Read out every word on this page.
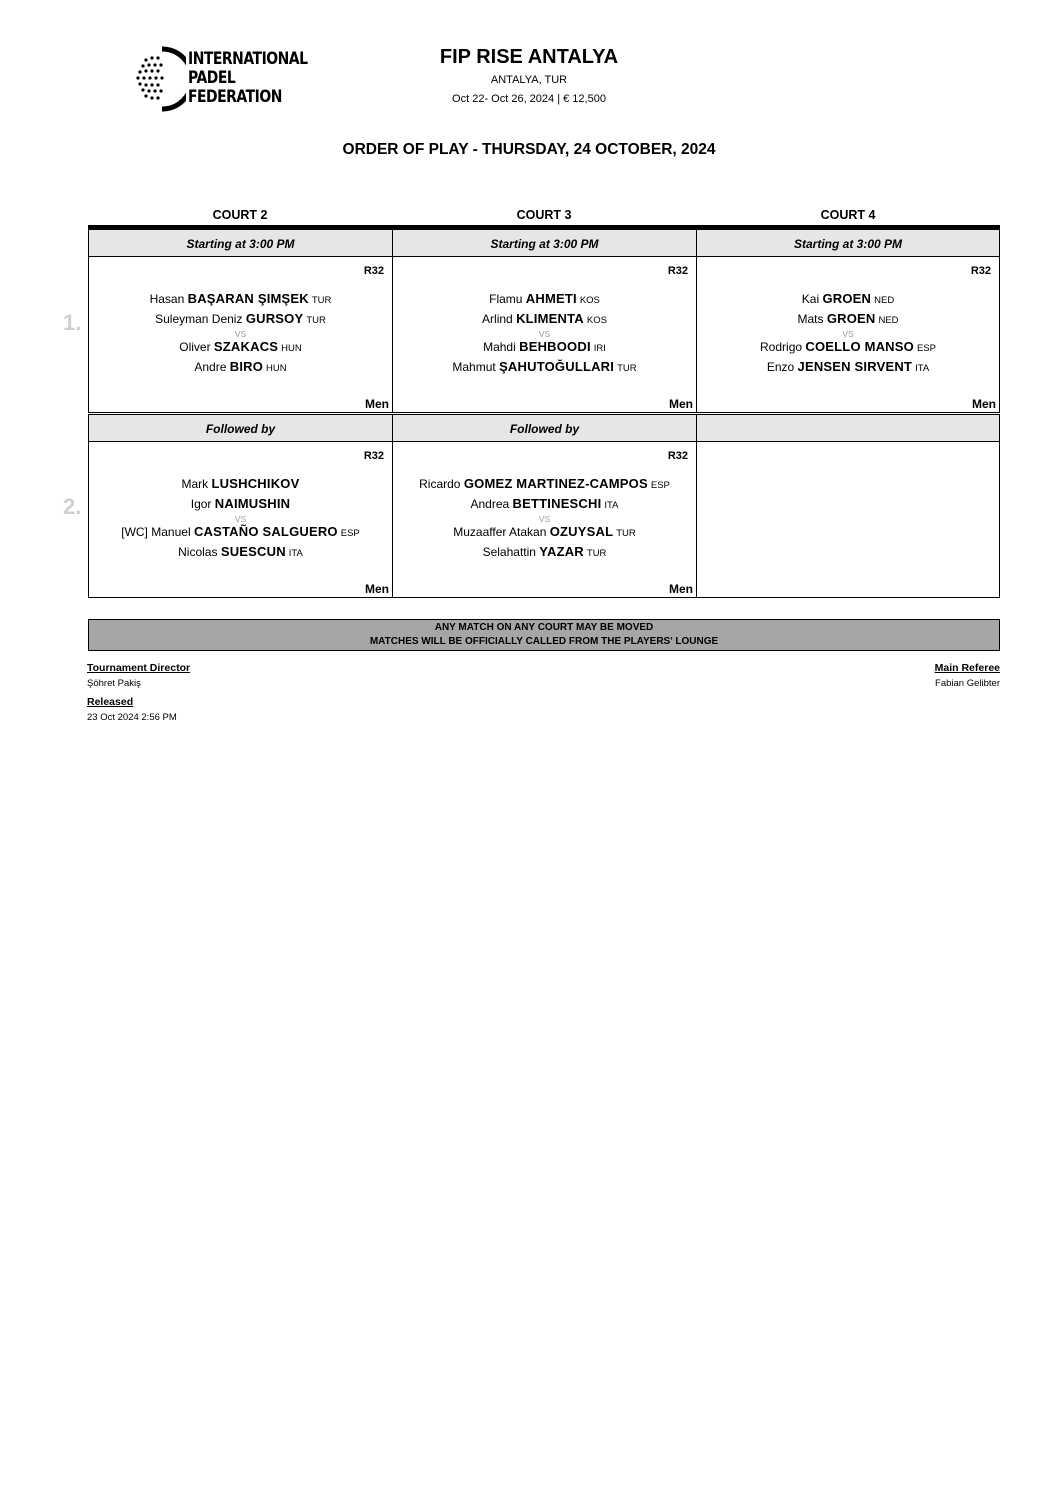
INTERNATIONAL
PADEL
FEDERATION
FIP RISE ANTALYA
ANTALYA, TUR
Oct 22- Oct 26, 2024 | € 12,500
ORDER OF PLAY - THURSDAY, 24 OCTOBER, 2024
COURT 2	COURT 3	COURT 4
1.
Starting at 3:00 PM
R32
Hasan BAŞARAN ŞIMŞEK TUR
Suleyman Deniz GURSOY TUR
VS
Oliver SZAKACS HUN
Andre BIRO HUN
Men
Starting at 3:00 PM
R32
Flamu AHMETI KOS
Arlind KLIMENTA KOS
VS
Mahdi BEHBOODI IRI
Mahmut ŞAHUTOĞULLARI TUR
Men
Starting at 3:00 PM
R32
Kai GROEN NED
Mats GROEN NED
VS
Rodrigo COELLO MANSO ESP
Enzo JENSEN SIRVENT ITA
Men
2.
Followed by
R32
Mark LUSHCHIKOV
Igor NAIMUSHIN
VS
[WC] Manuel CASTAÑO SALGUERO ESP
Nicolas SUESCUN ITA
Men
Followed by
R32
Ricardo GOMEZ MARTINEZ-CAMPOS ESP
Andrea BETTINESCHI ITA
VS
Muzaaffer Atakan OZUYSAL TUR
Selahattin YAZAR TUR
Men
ANY MATCH ON ANY COURT MAY BE MOVED
MATCHES WILL BE OFFICIALLY CALLED FROM THE PLAYERS' LOUNGE
Tournament Director
Şöhret Pakiş
Released
23 Oct 2024 2:56 PM
Main Referee
Fabian Gelibter
